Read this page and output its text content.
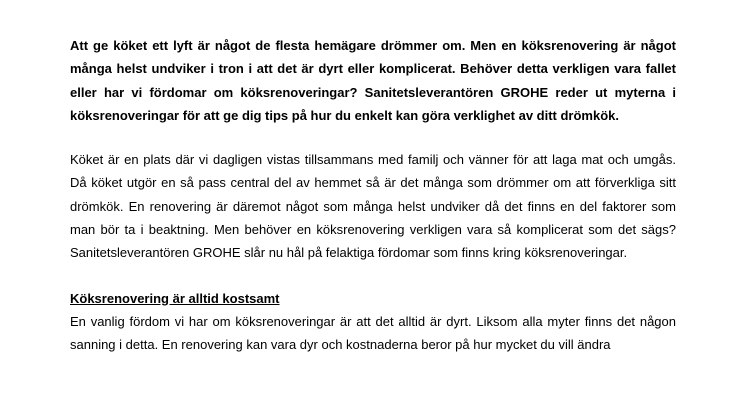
Att ge köket ett lyft är något de flesta hemägare drömmer om. Men en köksrenovering är något många helst undviker i tron i att det är dyrt eller komplicerat. Behöver detta verkligen vara fallet eller har vi fördomar om köksrenoveringar? Sanitetsleverantören GROHE reder ut myterna i köksrenoveringar för att ge dig tips på hur du enkelt kan göra verklighet av ditt drömkök.

Köket är en plats där vi dagligen vistas tillsammans med familj och vänner för att laga mat och umgås. Då köket utgör en så pass central del av hemmet så är det många som drömmer om att förverkliga sitt drömkök. En renovering är däremot något som många helst undviker då det finns en del faktorer som man bör ta i beaktning. Men behöver en köksrenovering verkligen vara så komplicerat som det sägs? Sanitetsleverantören GROHE slår nu hål på felaktiga fördomar som finns kring köksrenoveringar.

Köksrenovering är alltid kostsamt

En vanlig fördom vi har om köksrenoveringar är att det alltid är dyrt. Liksom alla myter finns det någon sanning i detta. En renovering kan vara dyr och kostnaderna beror på hur mycket du vill ändra
